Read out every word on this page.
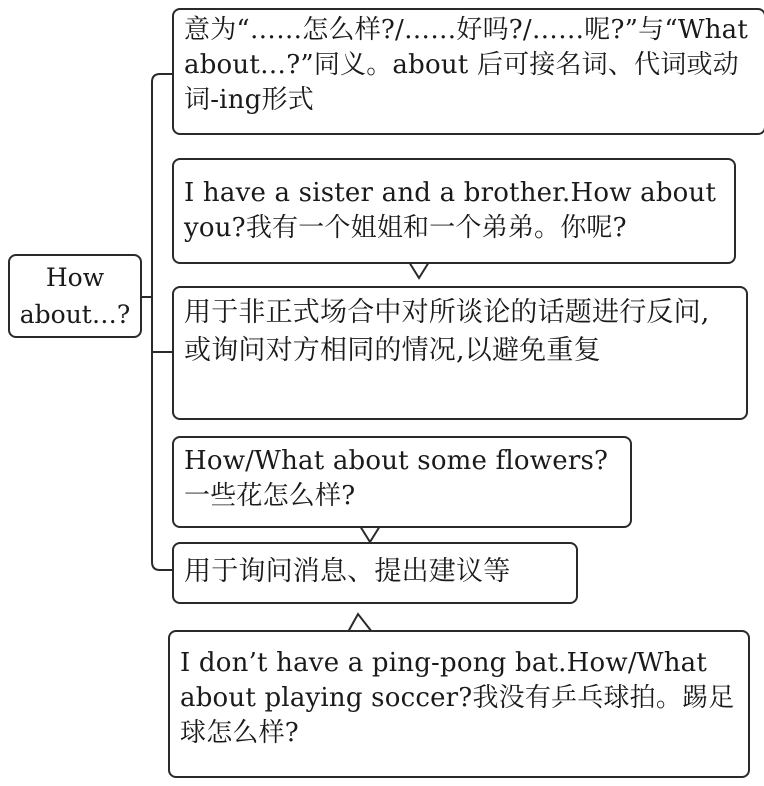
How
about…?
意为“……怎么样?/……好吗?/……呢?”与“What about…?”同义。about 后可接名词、代词或动词-ing形式
I have a sister and a brother.How about you?我有一个姐姐和一个弟弟。你呢?
用于非正式场合中对所谈论的话题进行反问,或询问对方相同的情况,以避免重复
How/What about some flowers?
一些花怎么样?
用于询问消息、提出建议等
I don’t have a ping-pong bat.How/What about playing soccer?我没有乒乓球拍。踢足球怎么样?
